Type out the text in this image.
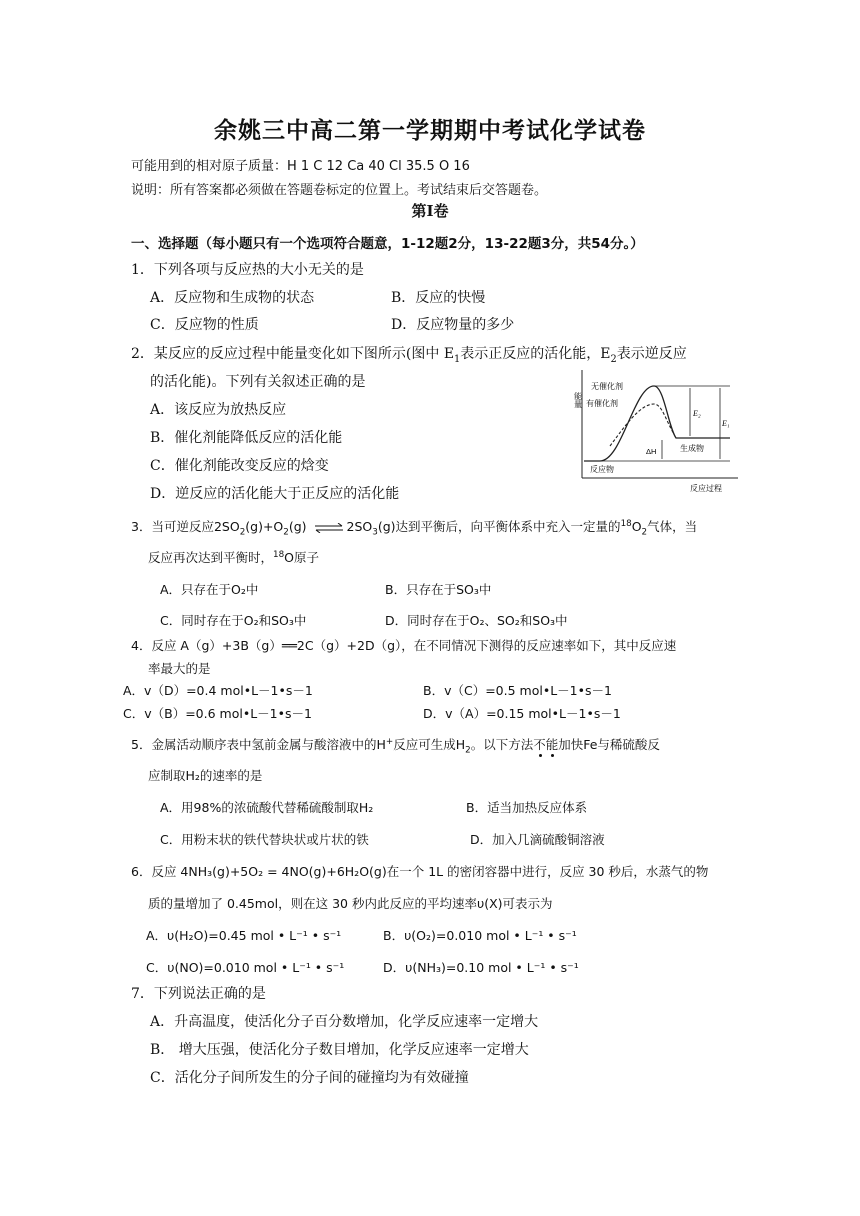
余姚三中高二第一学期期中考试化学试卷
可能用到的相对原子质量：H 1 C 12 Ca 40 Cl 35.5 O 16
说明：所有答案都必须做在答题卷标定的位置上。考试结束后交答题卷。
第Ⅰ卷
一、选择题（每小题只有一个选项符合题意，1-12题2分，13-22题3分，共54分。）
1．下列各项与反应热的大小无关的是
A．反应物和生成物的状态	B．反应的快慢
C．反应物的性质	D．反应物量的多少
2．某反应的反应过程中能量变化如下图所示(图中 $E_1$表示正反应的活化能，$E_2$表示逆反应
的活化能)。下列有关叙述正确的是
A．该反应为放热反应
B．催化剂能降低反应的活化能
C．催化剂能改变反应的焓变
D．逆反应的活化能大于正反应的活化能
能量
反应过程
无催化剂
有催化剂
E₂
E₁
ΔH	生成物
反应物
3．当可逆反应$2SO_2(g)+O_2(g)$ ⇌ $2SO_3(g)$达到平衡后，向平衡体系中充入一定量的$^{18}O_2$气体，当
反应再次达到平衡时，$^{18}$O原子
A．只存在于O₂中	B．只存在于SO₃中
C．同时存在于O₂和SO₃中	D．同时存在于O₂、SO₂和SO₃中
4．反应 A（g）+3B（g）══2C（g）+2D（g），在不同情况下测得的反应速率如下，其中反应速
率最大的是
A．v（D）=0.4 mol•L－1•s－1	B．v（C）=0.5 mol•L－1•s－1
C．v（B）=0.6 mol•L－1•s－1	D．v（A）=0.15 mol•L－1•s－1
5．金属活动顺序表中氢前金属与酸溶液中的H+反应可生成$H_2$。以下方法不能加快Fe与稀硫酸反
应制取H₂的速率的是
A．用98%的浓硫酸代替稀硫酸制取H₂	B．适当加热反应体系
C．用粉末状的铁代替块状或片状的铁	D．加入几滴硫酸铜溶液
6．反应 4NH₃(g)+5O₂ = 4NO(g)+6H₂O(g)在一个 1L 的密闭容器中进行，反应 30 秒后，水蒸气的物
质的量增加了 0.45mol，则在这 30 秒内此反应的平均速率υ(X)可表示为
A．υ(H₂O)=0.45 mol • L⁻¹ • s⁻¹	B．υ(O₂)=0.010 mol • L⁻¹ • s⁻¹
C．υ(NO)=0.010 mol • L⁻¹ • s⁻¹	D．υ(NH₃)=0.10 mol • L⁻¹ • s⁻¹
7．下列说法正确的是
A．升高温度，使活化分子百分数增加，化学反应速率一定增大
B． 增大压强，使活化分子数目增加，化学反应速率一定增大
C．活化分子间所发生的分子间的碰撞均为有效碰撞
